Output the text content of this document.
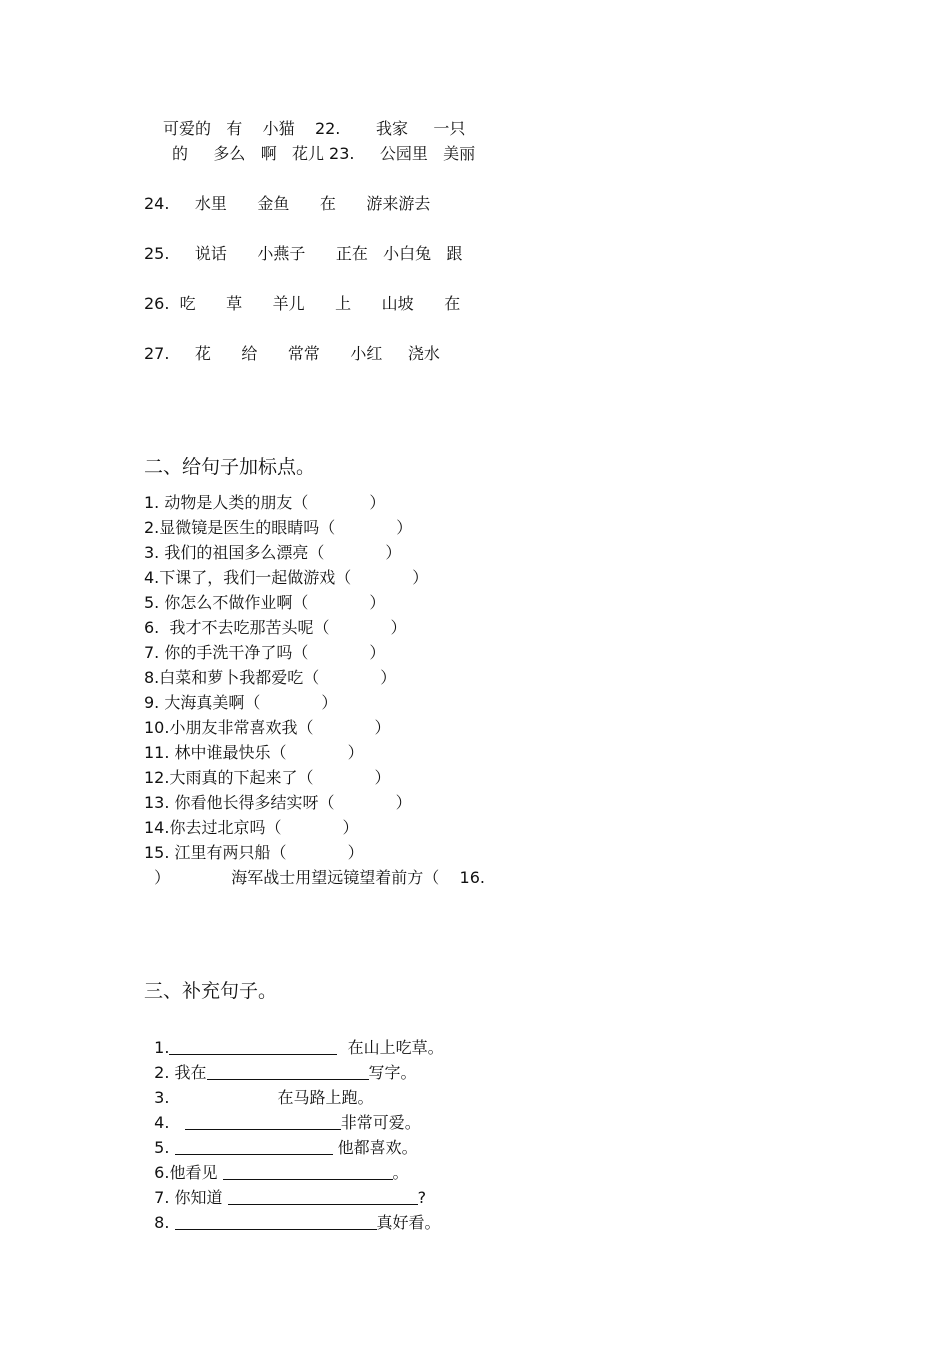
可爱的   有    小猫    22.       我家     一只
的     多么   啊   花儿 23.     公园里   美丽
24.     水里      金鱼      在      游来游去
25.     说话      小燕子      正在   小白兔   跟
26.  吃      草      羊儿      上      山坡      在
27.     花      给      常常      小红     浇水
二、给句子加标点。
1. 动物是人类的朋友（            ）
2.显微镜是医生的眼睛吗（            ）
3. 我们的祖国多么漂亮（            ）
4.下课了，我们一起做游戏（            ）
5. 你怎么不做作业啊（            ）
6.  我才不去吃那苦头呢（            ）
7. 你的手洗干净了吗（            ）
8.白菜和萝卜我都爱吃（            ）
9. 大海真美啊（            ）
10.小朋友非常喜欢我（            ）
11. 林中谁最快乐（            ）
12.大雨真的下起来了（            ）
13. 你看他长得多结实呀（            ）
14.你去过北京吗（            ）
15. 江里有两只船（            ）
）            海军战士用望远镜望着前方（    16.
三、补充句子。

1.	在山上吃草。

2. 我在	写字。

3.	在马路上跑。

4.	非常可爱。

5.	他都喜欢。

6.他看见	。

7. 你知道	?

8.	真好看。
